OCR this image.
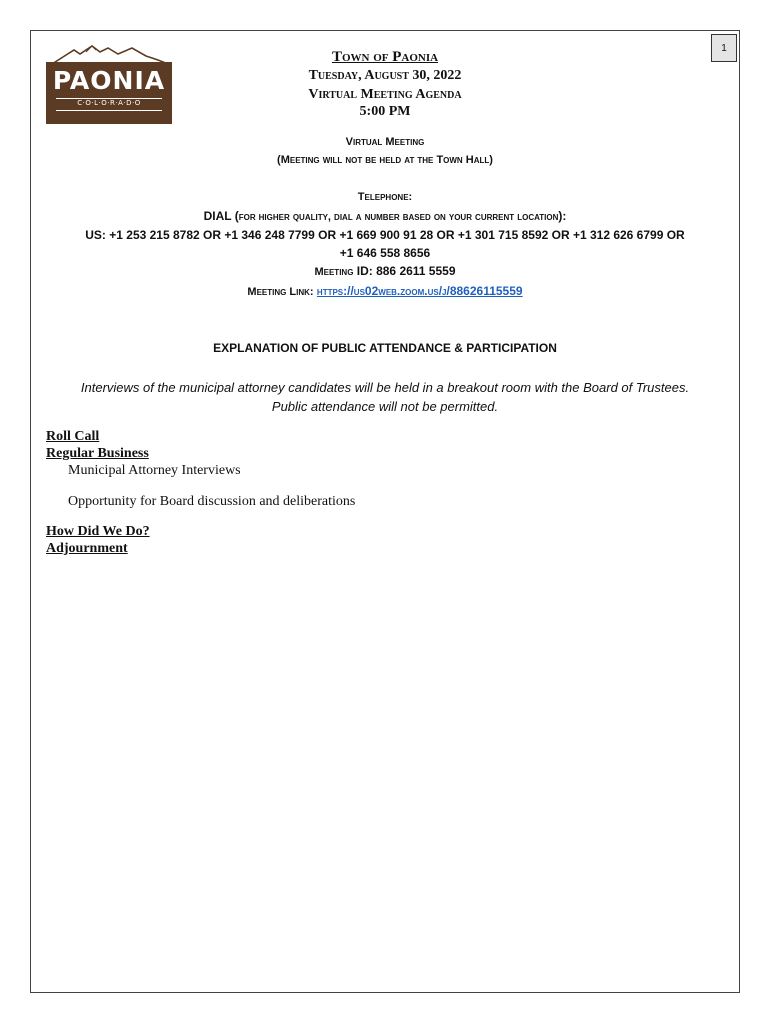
1
PAONIA
C·O·L·O·R·A·D·O
Town of Paonia
Tuesday, August 30, 2022
Virtual Meeting Agenda
5:00 PM
Virtual Meeting
(Meeting will not be held at the Town Hall)
Telephone:
DIAL (for higher quality, dial a number based on your current location):
US: +1 253 215 8782 OR +1 346 248 7799 OR +1 669 900 91 28 OR +1 301 715 8592 OR +1 312 626 6799 OR
+1 646 558 8656
Meeting ID: 886 2611 5559
Meeting Link: https://us02web.zoom.us/j/88626115559
EXPLANATION OF PUBLIC ATTENDANCE & PARTICIPATION
Interviews of the municipal attorney candidates will be held in a breakout room with the Board of Trustees.
Public attendance will not be permitted.
Roll Call
Regular Business
Municipal Attorney Interviews
Opportunity for Board discussion and deliberations
How Did We Do?
Adjournment
